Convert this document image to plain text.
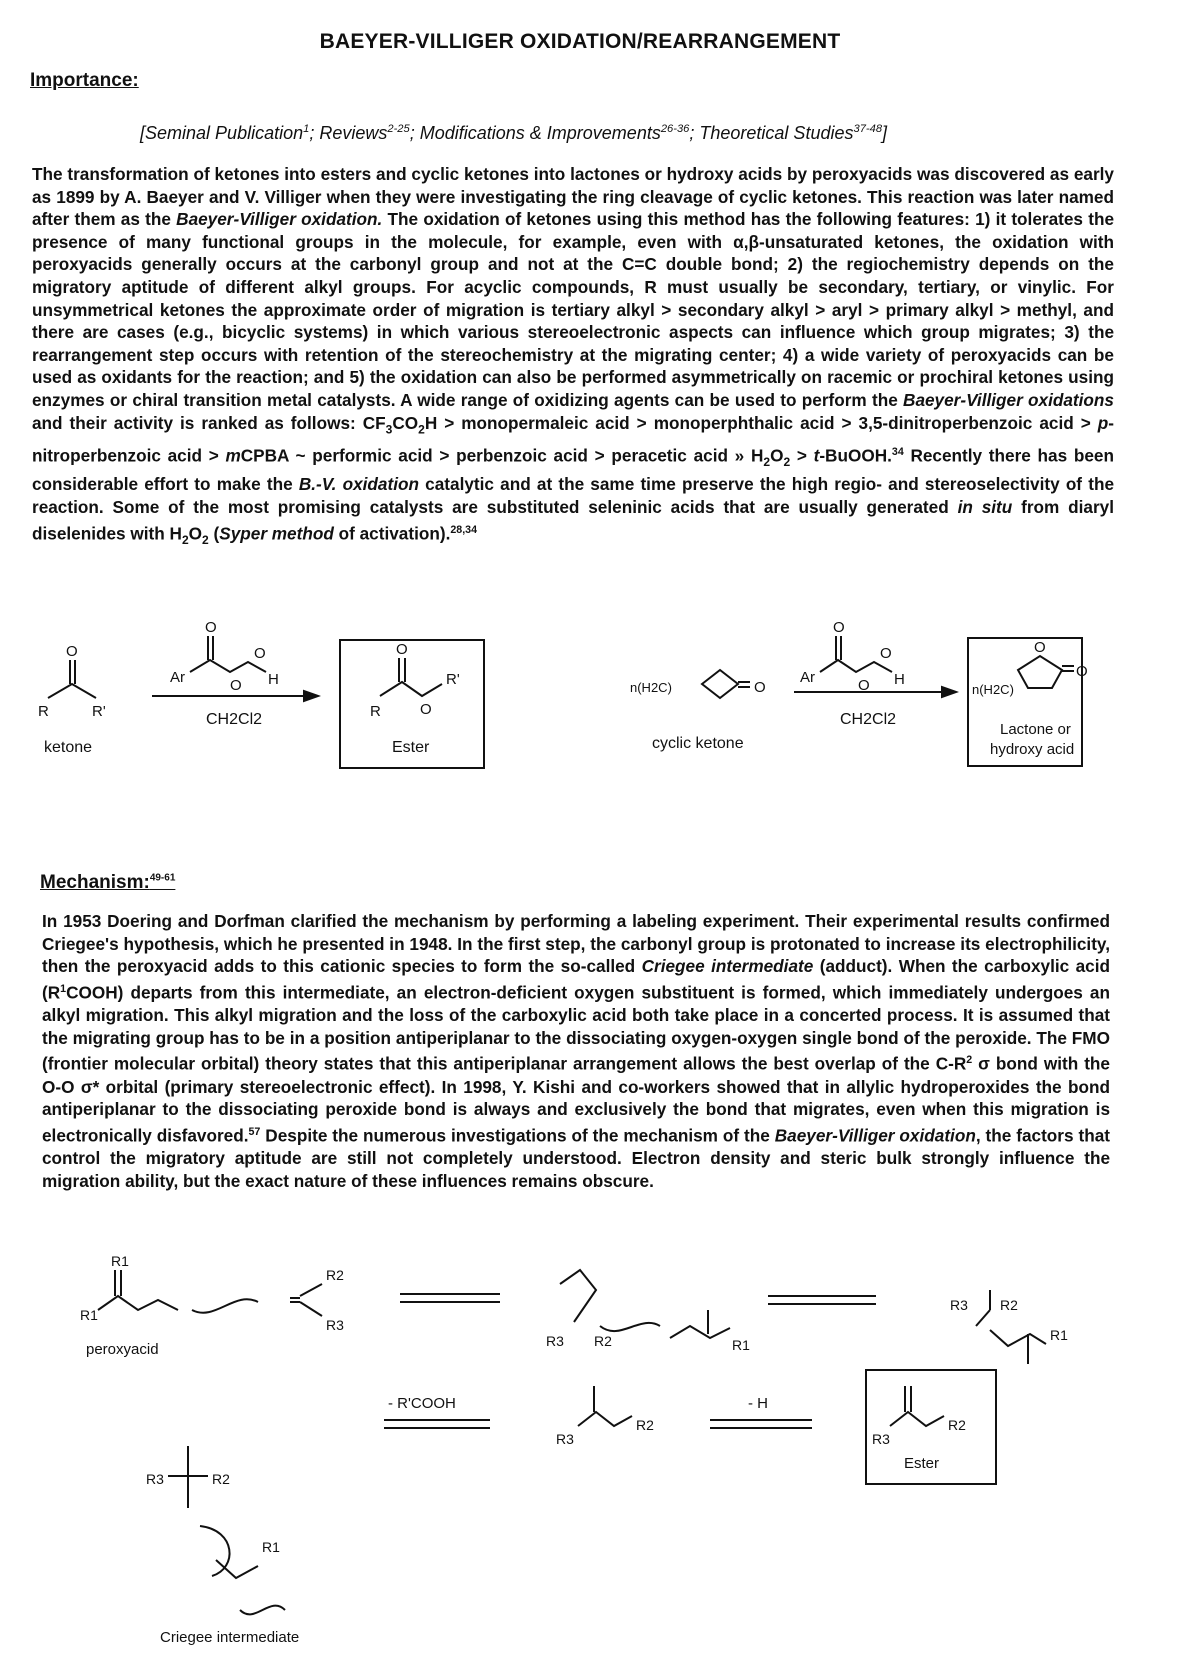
BAEYER-VILLIGER OXIDATION/REARRANGEMENT
Importance:
[Seminal Publication$^1$; Reviews$^{2-25}$; Modifications & Improvements$^{26-36}$; Theoretical Studies$^{37-48}$]
The transformation of ketones into esters and cyclic ketones into lactones or hydroxy acids by peroxyacids was discovered as early as 1899 by A. Baeyer and V. Villiger when they were investigating the ring cleavage of cyclic ketones. This reaction was later named after them as the Baeyer-Villiger oxidation. The oxidation of ketones using this method has the following features: 1) it tolerates the presence of many functional groups in the molecule, for example, even with α,β-unsaturated ketones, the oxidation with peroxyacids generally occurs at the carbonyl group and not at the C=C double bond; 2) the regiochemistry depends on the migratory aptitude of different alkyl groups. For acyclic compounds, R must usually be secondary, tertiary, or vinylic. For unsymmetrical ketones the approximate order of migration is tertiary alkyl > secondary alkyl > aryl > primary alkyl > methyl, and there are cases (e.g., bicyclic systems) in which various stereoelectronic aspects can influence which group migrates; 3) the rearrangement step occurs with retention of the stereochemistry at the migrating center; 4) a wide variety of peroxyacids can be used as oxidants for the reaction; and 5) the oxidation can also be performed asymmetrically on racemic or prochiral ketones using enzymes or chiral transition metal catalysts. A wide range of oxidizing agents can be used to perform the Baeyer-Villiger oxidations and their activity is ranked as follows: $CF_3CO_2H$ > monopermaleic acid > monoperphthalic acid > 3,5-dinitroperbenzoic acid > p-nitroperbenzoic acid > mCPBA ~ performic acid > perbenzoic acid > peracetic acid » $H_2O_2$ > t-BuOOH.$^{34}$ Recently there has been considerable effort to make the B.-V. oxidation catalytic and at the same time preserve the high regio- and stereoselectivity of the reaction. Some of the most promising catalysts are substituted seleninic acids that are usually generated in situ from diaryl diselenides with $H_2O_2$ (Syper method of activation).$^{28,34}$
O
R	R'
ketone
Ar
O
O
O
H
CH2Cl2
O
R	O
R'
Ester
n(H2C)	O
cyclic ketone
Ar
O
O
O
H
CH2Cl2
O
O
n(H2C)
Lactone or
hydroxy acid
Mechanism:$^{49-61}$
In 1953 Doering and Dorfman clarified the mechanism by performing a labeling experiment. Their experimental results confirmed Criegee's hypothesis, which he presented in 1948. In the first step, the carbonyl group is protonated to increase its electrophilicity, then the peroxyacid adds to this cationic species to form the so-called Criegee intermediate (adduct). When the carboxylic acid $(R^1COOH)$ departs from this intermediate, an electron-deficient oxygen substituent is formed, which immediately undergoes an alkyl migration. This alkyl migration and the loss of the carboxylic acid both take place in a concerted process. It is assumed that the migrating group has to be in a position antiperiplanar to the dissociating oxygen-oxygen single bond of the peroxide. The FMO (frontier molecular orbital) theory states that this antiperiplanar arrangement allows the best overlap of the $C-R^2$ σ bond with the O-O σ* orbital (primary stereoelectronic effect). In 1998, Y. Kishi and co-workers showed that in allylic hydroperoxides the bond antiperiplanar to the dissociating peroxide bond is always and exclusively the bond that migrates, even when this migration is electronically disfavored.$^{57}$ Despite the numerous investigations of the mechanism of the Baeyer-Villiger oxidation, the factors that control the migratory aptitude are still not completely understood. Electron density and steric bulk strongly influence the migration ability, but the exact nature of these influences remains obscure.
R1
R1
peroxyacid
R2
R3
R3 R2	R1
R3 R2
R1
R3	R2
R1
Criegee intermediate
- R'COOH
R3
R2
- H
R3
R2
Ester
